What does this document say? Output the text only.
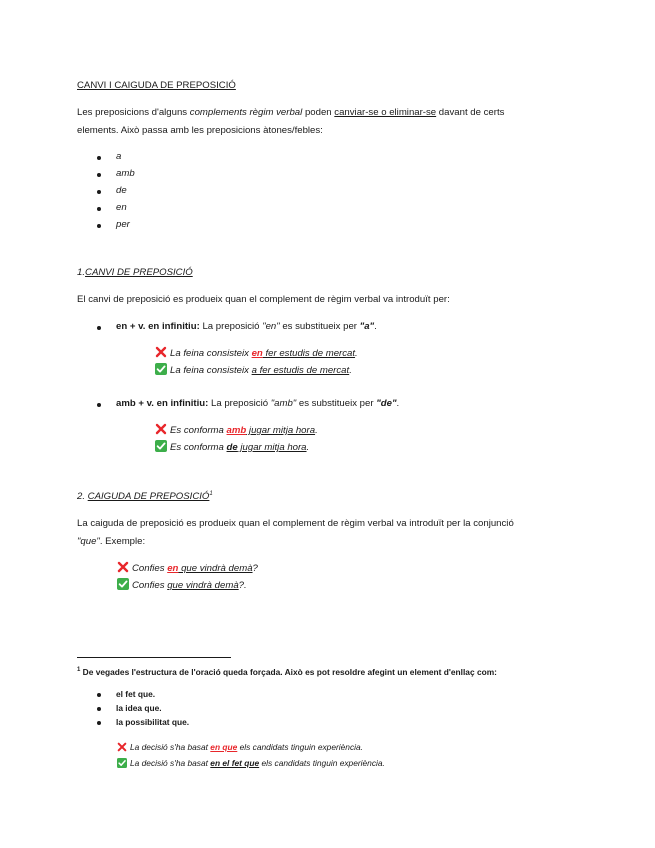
CANVI I CAIGUDA DE PREPOSICIÓ
Les preposicions d'alguns complements règim verbal poden canviar-se o eliminar-se davant de certs
elements. Això passa amb les preposicions àtones/febles:
a
amb
de
en
per
1.CANVI DE PREPOSICIÓ
El canvi de preposició es produeix quan el complement de règim verbal va introduït per:
en + v. en infinitiu: La preposició "en" es substitueix per "a".
La feina consisteix en fer estudis de mercat.
La feina consisteix a fer estudis de mercat.
amb + v. en infinitiu: La preposició "amb" es substitueix per "de".
Es conforma amb jugar mitja hora.
Es conforma de jugar mitja hora.
2. CAIGUDA DE PREPOSICIÓ$^1$
La caiguda de preposició es produeix quan el complement de règim verbal va introduït per la conjunció
"que". Exemple:
Confies en que vindrà demà?
Confies que vindrà demà?.
$^1$ De vegades l'estructura de l'oració queda forçada. Això es pot resoldre afegint un element d'enllaç com:
el fet que.
la idea que.
la possibilitat que.
La decisió s'ha basat en que els candidats tinguin experiència.
La decisió s'ha basat en el fet que els candidats tinguin experiència.
